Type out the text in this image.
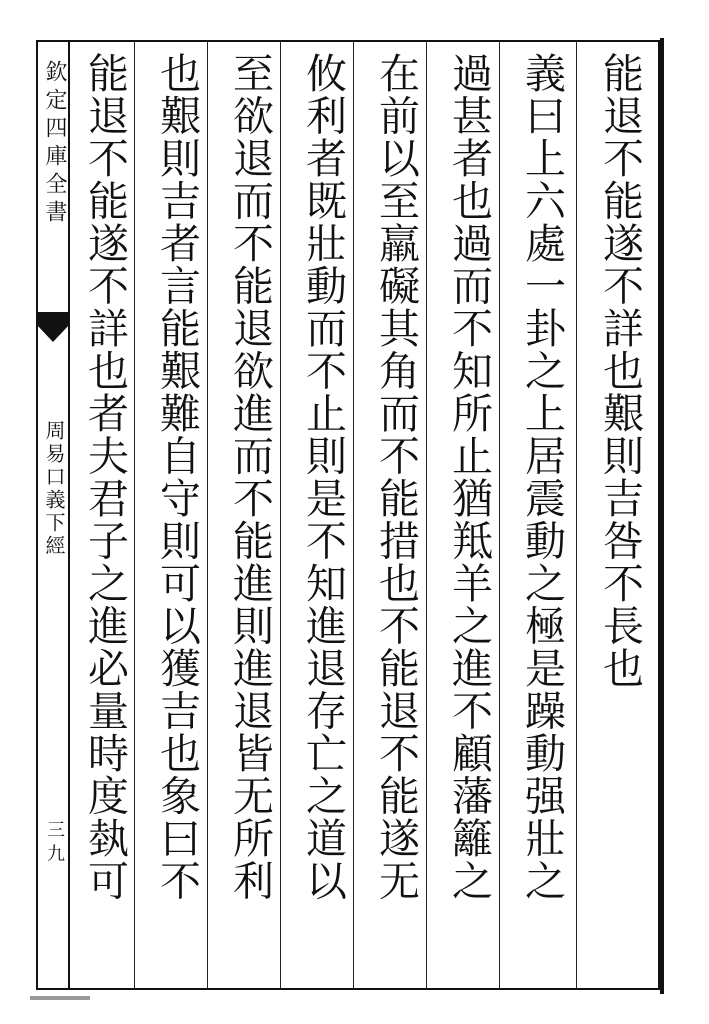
欽定四庫全書
周易口義下經
三九
能退不能遂不詳也艱則吉咎不長也
義曰上六處一卦之上居震動之極是躁動强壯之
過甚者也過而不知所止猶羝羊之進不顧藩籬之
在前以至羸礙其角而不能措也不能退不能遂无
攸利者既壯動而不止則是不知進退存亡之道以
至欲退而不能退欲進而不能進則進退皆无所利
也艱則吉者言能艱難自守則可以獲吉也象曰不
能退不能遂不詳也者夫君子之進必量時度埶可
